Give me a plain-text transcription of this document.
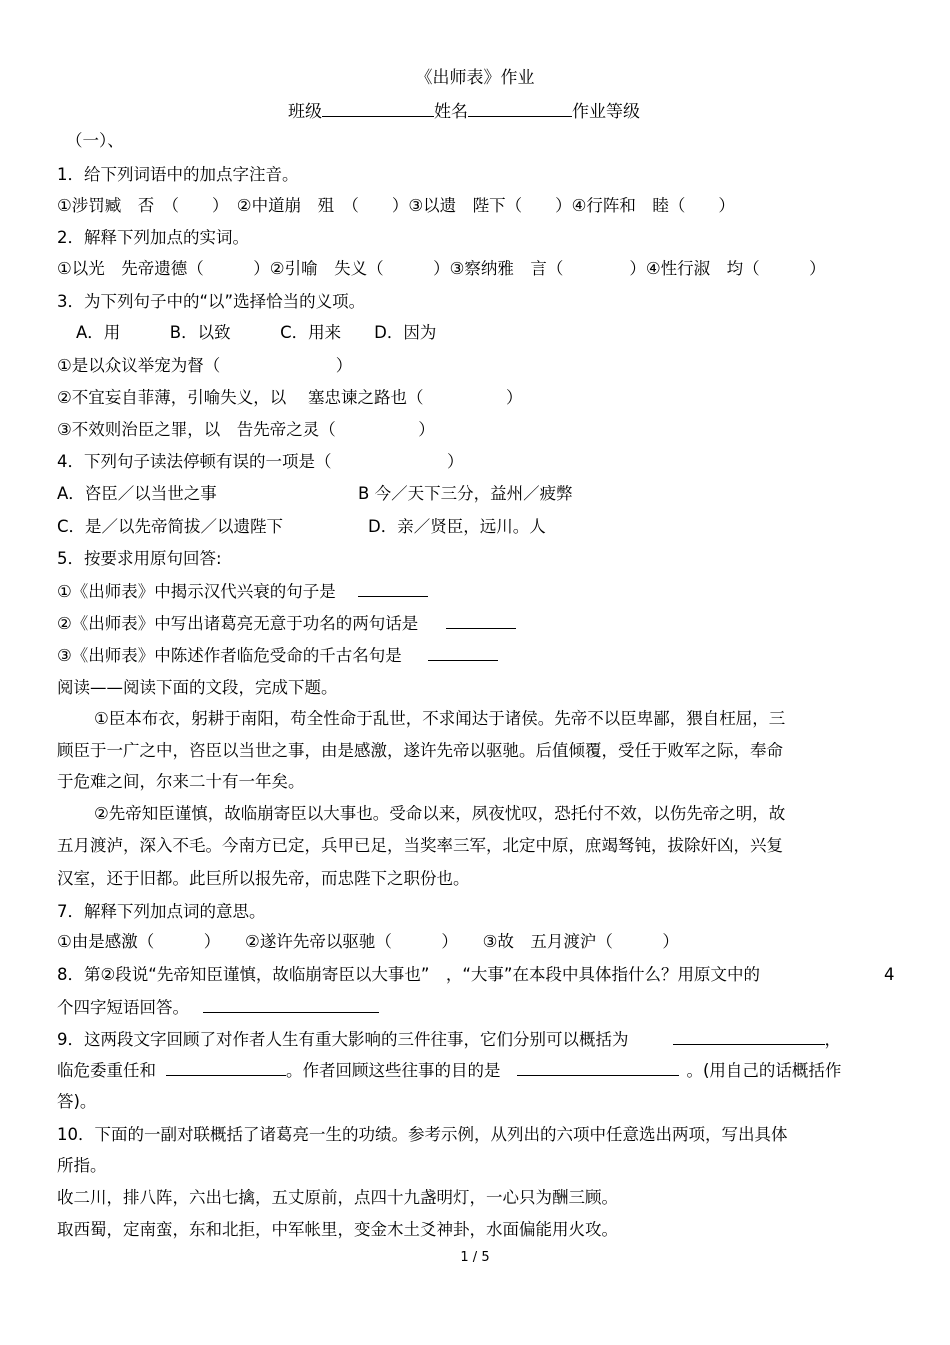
《出师表》作业
班级	姓名	作业等级
（一）、
1．给下列词语中的加点字注音。
①涉罚臧　否　（　　）　②中道崩　殂　（　　）③以遗　陛下（　　）④行阵和　睦（　　）
2．解释下列加点的实词。
①以光　先帝遗德（　　　）②引喻　失义（　　　）③察纳雅　言（　　　　）④性行淑　均（　　　）
3．为下列句子中的“以”选择恰当的义项。
A．用　　　B．以致　　　C．用来　　D．因为
①是以众议举宠为督（　　　　　　　）
②不宜妄自菲薄，引喻失义，以　 塞忠谏之路也（　　　　　）
③不效则治臣之罪，以　告先帝之灵（　　　　　）
4．下列句子读法停顿有误的一项是（　　　　　　　）
A．咨臣／以当世之事	B 今／天下三分，益州／疲弊
C．是／以先帝简拔／以遗陛下	D．亲／贤臣，远川。人
5．按要求用原句回答:
①《出师表》中揭示汉代兴衰的句子是
②《出师表》中写出诸葛亮无意于功名的两句话是
③《出师表》中陈述作者临危受命的千古名句是
阅读——阅读下面的文段，完成下题。
①臣本布衣，躬耕于南阳，苟全性命于乱世，不求闻达于诸侯。先帝不以臣卑鄙，猥自枉屈，三
顾臣于一广之中，咨臣以当世之事，由是感激，遂许先帝以驱驰。后值倾覆，受任于败军之际，奉命
于危难之间，尔来二十有一年矣。
②先帝知臣谨慎，故临崩寄臣以大事也。受命以来，夙夜忧叹，恐托付不效，以伤先帝之明，故
五月渡泸，深入不毛。今南方已定，兵甲已足，当奖率三军，北定中原，庶竭驽钝，拔除奸凶，兴复
汉室，还于旧都。此巨所以报先帝，而忠陛下之职份也。
7．解释下列加点词的意思。
①由是感激（　　　）　　②遂许先帝以驱驰（　　　）　　③故　五月渡沪（　　　）
8．第②段说“先帝知臣谨慎，故临崩寄臣以大事也”　，“大事”在本段中具体指什么？用原文中的	4
个四字短语回答。
9．这两段文字回顾了对作者人生有重大影响的三件往事，它们分别可以概括为	，
临危委重任和	。作者回顾这些往事的目的是	。(用自己的话概括作
答)。
10．下面的一副对联概括了诸葛亮一生的功绩。参考示例，从列出的六项中任意选出两项，写出具体
所指。
收二川，排八阵，六出七擒，五丈原前，点四十九盏明灯，一心只为酬三顾。
取西蜀，定南蛮，东和北拒，中军帐里，变金木土爻神卦，水面偏能用火攻。
1 / 5
